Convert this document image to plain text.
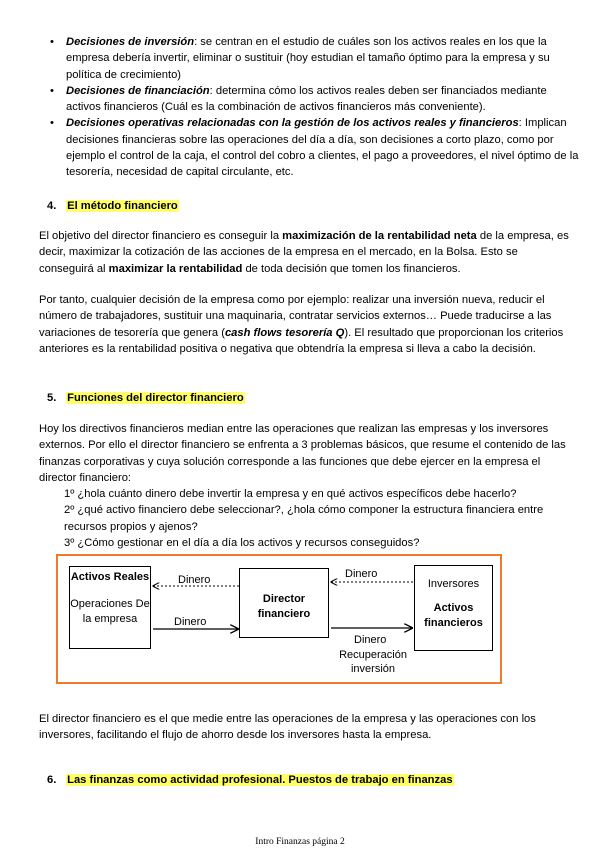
• Decisiones de inversión: se centran en el estudio de cuáles son los activos reales en los que la empresa debería invertir, eliminar o sustituir (hoy estudian el tamaño óptimo para la empresa y su política de crecimiento)
• Decisiones de financiación: determina cómo los activos reales deben ser financiados mediante activos financieros (Cuál es la combinación de activos financieros más conveniente).
• Decisiones operativas relacionadas con la gestión de los activos reales y financieros: Implican decisiones financieras sobre las operaciones del día a día, son decisiones a corto plazo, como por ejemplo el control de la caja, el control del cobro a clientes, el pago a proveedores, el nivel óptimo de la tesorería, necesidad de capital circulante, etc.
4. El método financiero

El objetivo del director financiero es conseguir la maximización de la rentabilidad neta de la empresa, es decir, maximizar la cotización de las acciones de la empresa en el mercado, en la Bolsa. Esto se conseguirá al maximizar la rentabilidad de toda decisión que tomen los financieros.

Por tanto, cualquier decisión de la empresa como por ejemplo: realizar una inversión nueva, reducir el número de trabajadores, sustituir una maquinaria, contratar servicios externos… Puede traducirse a las variaciones de tesorería que genera (cash flows tesorería Q). El resultado que proporcionan los criterios anteriores es la rentabilidad positiva o negativa que obtendría la empresa si lleva a cabo la decisión.

5. Funciones del director financiero

Hoy los directivos financieros median entre las operaciones que realizan las empresas y los inversores externos. Por ello el director financiero se enfrenta a 3 problemas básicos, que resume el contenido de las finanzas corporativas y cuya solución corresponde a las funciones que debe ejercer en la empresa el director financiero:
1º ¿hola cuánto dinero debe invertir la empresa y en qué activos específicos debe hacerlo?
2º ¿qué activo financiero debe seleccionar?, ¿hola cómo componer la estructura financiera entre recursos propios y ajenos?
3º ¿Cómo gestionar en el día a día los activos y recursos conseguidos?

Activos Reales
Operaciones De la empresa
Director financiero
Inversores
Activos financieros
Dinero
Dinero
Dinero
Dinero
Recuperación inversión

El director financiero es el que medie entre las operaciones de la empresa y las operaciones con los inversores, facilitando el flujo de ahorro desde los inversores hasta la empresa.

6. Las finanzas como actividad profesional. Puestos de trabajo en finanzas
Intro Finanzas página 2
